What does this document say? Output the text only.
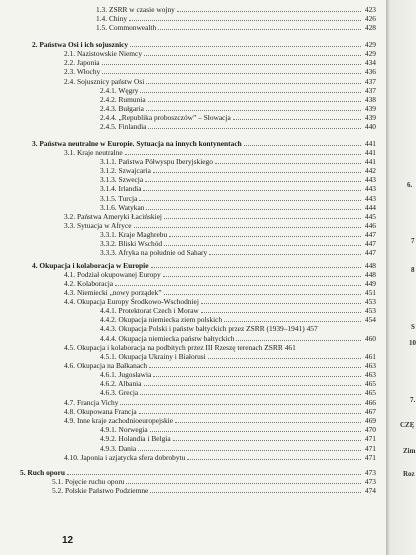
1.3. ZSRR w czasie wojny	423
1.4. Chiny	426
1.5. Commonwealth	428
2. Państwa Osi i ich sojusznicy	429
2.1. Nazistowskie Niemcy	429
2.2. Japonia	434
2.3. Włochy	436
2.4. Sojusznicy państw Osi	437
2.4.1. Węgry	437
2.4.2. Rumunia	438
2.4.3. Bułgaria	439
2.4.4. „Republika proboszczów” – Słowacja	439
2.4.5. Finlandia	440
3. Państwa neutralne w Europie. Sytuacja na innych kontynentach	441
3.1. Kraje neutralne	441
3.1.1. Państwa Półwyspu Iberyjskiego	441
3.1.2. Szwajcaria	442
3.1.3. Szwecja	443
3.1.4. Irlandia	443
3.1.5. Turcja	443
3.1.6. Watykan	444
3.2. Państwa Ameryki Łacińskiej	445
3.3. Sytuacja w Afryce	446
3.3.1. Kraje Maghrebu	447
3.3.2. Bliski Wschód	447
3.3.3. Afryka na południe od Sahary	447
4. Okupacja i kolaboracja w Europie	448
4.1. Podział okupowanej Europy	448
4.2. Kolaboracja	449
4.3. Niemiecki „nowy porządek”	451
4.4. Okupacja Europy Środkowo-Wschodniej	453
4.4.1. Protektorat Czech i Moraw	453
4.4.2. Okupacja niemiecka ziem polskich	454
4.4.3. Okupacja Polski i państw bałtyckich przez ZSRR (1939–1941) 457
4.4.4. Okupacja niemiecka państw bałtyckich	460
4.5. Okupacja i kolaboracja na podbitych przez III Rzeszę terenach ZSRR 461
4.5.1. Okupacja Ukrainy i Białorusi	461
4.6. Okupacja na Bałkanach	463
4.6.1. Jugosławia	463
4.6.2. Albania	465
4.6.3. Grecja	465
4.7. Francja Vichy	466
4.8. Okupowana Francja	467
4.9. Inne kraje zachodnioeuropejskie	469
4.9.1. Norwegia	470
4.9.2. Holandia i Belgia	471
4.9.3. Dania	471
4.10. Japonia i azjatycka sfera dobrobytu	471
5. Ruch oporu	473
5.1. Pojęcie ruchu oporu	473
5.2. Polskie Państwo Podziemne	474
12
6.
7
8
S
10
7.
CZĘ
Zim
Roz
